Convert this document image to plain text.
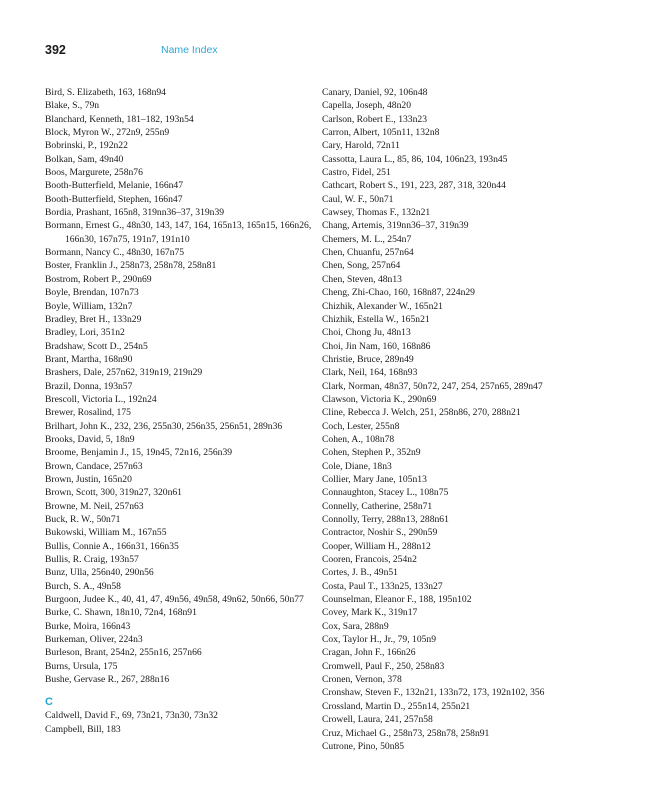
392	Name Index
Bird, S. Elizabeth, 163, 168n94
Blake, S., 79n
Blanchard, Kenneth, 181–182, 193n54
Block, Myron W., 272n9, 255n9
Bobrinski, P., 192n22
Bolkan, Sam, 49n40
Boos, Margurete, 258n76
Booth-Butterfield, Melanie, 166n47
Booth-Butterfield, Stephen, 166n47
Bordia, Prashant, 165n8, 319nn36–37, 319n39
Bormann, Ernest G., 48n30, 143, 147, 164, 165n13, 165n15, 166n26, 166n30, 167n75, 191n7, 191n10
Bormann, Nancy C., 48n30, 167n75
Boster, Franklin J., 258n73, 258n78, 258n81
Bostrom, Robert P., 290n69
Boyle, Brendan, 107n73
Boyle, William, 132n7
Bradley, Bret H., 133n29
Bradley, Lori, 351n2
Bradshaw, Scott D., 254n5
Brant, Martha, 168n90
Brashers, Dale, 257n62, 319n19, 219n29
Brazil, Donna, 193n57
Brescoll, Victoria L., 192n24
Brewer, Rosalind, 175
Brilhart, John K., 232, 236, 255n30, 256n35, 256n51, 289n36
Brooks, David, 5, 18n9
Broome, Benjamin J., 15, 19n45, 72n16, 256n39
Brown, Candace, 257n63
Brown, Justin, 165n20
Brown, Scott, 300, 319n27, 320n61
Browne, M. Neil, 257n63
Buck, R. W., 50n71
Bukowski, William M., 167n55
Bullis, Connie A., 166n31, 166n35
Bullis, R. Craig, 193n57
Bunz, Ulla, 256n40, 290n56
Burch, S. A., 49n58
Burgoon, Judee K., 40, 41, 47, 49n56, 49n58, 49n62, 50n66, 50n77
Burke, C. Shawn, 18n10, 72n4, 168n91
Burke, Moira, 166n43
Burkeman, Oliver, 224n3
Burleson, Brant, 254n2, 255n16, 257n66
Burns, Ursula, 175
Bushe, Gervase R., 267, 288n16
C
Caldwell, David F., 69, 73n21, 73n30, 73n32
Campbell, Bill, 183
Canary, Daniel, 92, 106n48
Capella, Joseph, 48n20
Carlson, Robert E., 133n23
Carron, Albert, 105n11, 132n8
Cary, Harold, 72n11
Cassotta, Laura L., 85, 86, 104, 106n23, 193n45
Castro, Fidel, 251
Cathcart, Robert S., 191, 223, 287, 318, 320n44
Caul, W. F., 50n71
Cawsey, Thomas F., 132n21
Chang, Artemis, 319nn36–37, 319n39
Chemers, M. L., 254n7
Chen, Chuanfu, 257n64
Chen, Song, 257n64
Chen, Steven, 48n13
Cheng, Zhi-Chao, 160, 168n87, 224n29
Chizhik, Alexander W., 165n21
Chizhik, Estella W., 165n21
Choi, Chong Ju, 48n13
Choi, Jin Nam, 160, 168n86
Christie, Bruce, 289n49
Clark, Neil, 164, 168n93
Clark, Norman, 48n37, 50n72, 247, 254, 257n65, 289n47
Clawson, Victoria K., 290n69
Cline, Rebecca J. Welch, 251, 258n86, 270, 288n21
Coch, Lester, 255n8
Cohen, A., 108n78
Cohen, Stephen P., 352n9
Cole, Diane, 18n3
Collier, Mary Jane, 105n13
Connaughton, Stacey L., 108n75
Connelly, Catherine, 258n71
Connolly, Terry, 288n13, 288n61
Contractor, Noshir S., 290n59
Cooper, William H., 288n12
Cooren, Francois, 254n2
Cortes, J. B., 49n51
Costa, Paul T., 133n25, 133n27
Counselman, Eleanor F., 188, 195n102
Covey, Mark K., 319n17
Cox, Sara, 288n9
Cox, Taylor H., Jr., 79, 105n9
Cragan, John F., 166n26
Cromwell, Paul F., 250, 258n83
Cronen, Vernon, 378
Cronshaw, Steven F., 132n21, 133n72, 173, 192n102, 356
Crossland, Martin D., 255n14, 255n21
Crowell, Laura, 241, 257n58
Cruz, Michael G., 258n73, 258n78, 258n91
Cutrone, Pino, 50n85
